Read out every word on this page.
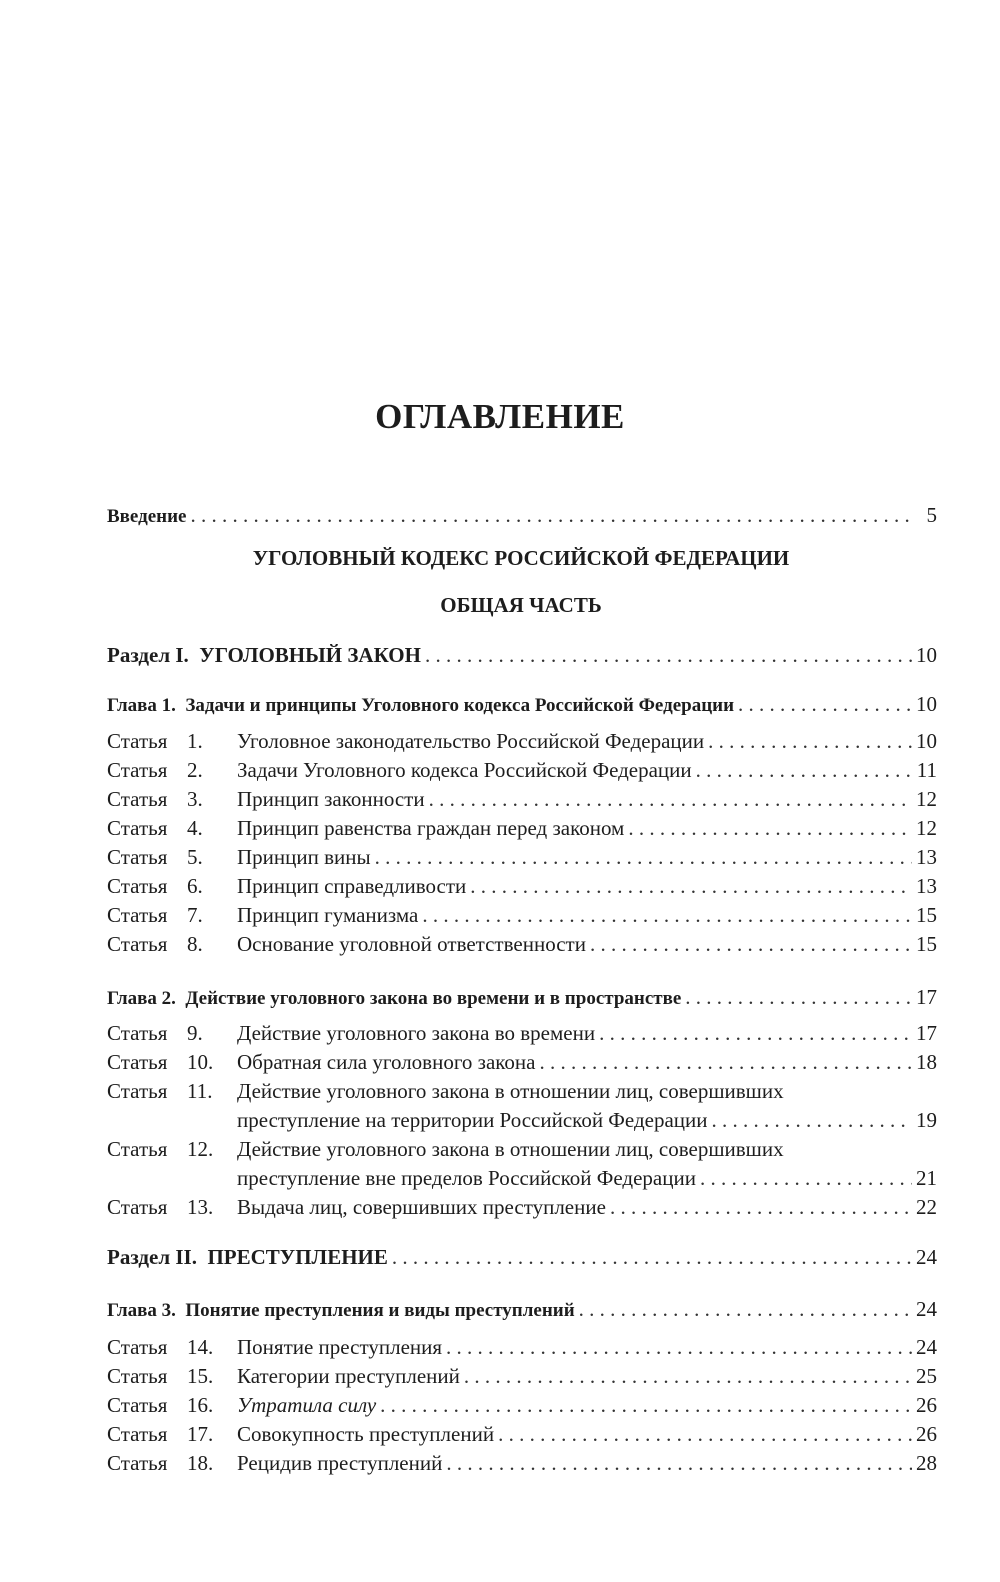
ОГЛАВЛЕНИЕ
Введение . . .	5
УГОЛОВНЫЙ КОДЕКС РОССИЙСКОЙ ФЕДЕРАЦИИ
ОБЩАЯ ЧАСТЬ
Раздел I.  УГОЛОВНЫЙ ЗАКОН . . .	10
Глава 1.  Задачи и принципы Уголовного кодекса Российской Федерации . . .	10
Статья 1.	Уголовное законодательство Российской Федерации . . .	10
Статья 2.	Задачи Уголовного кодекса Российской Федерации . . .	11
Статья 3.	Принцип законности . . .	12
Статья 4.	Принцип равенства граждан перед законом . . .	12
Статья 5.	Принцип вины . . .	13
Статья 6.	Принцип справедливости . . .	13
Статья 7.	Принцип гуманизма . . .	15
Статья 8.	Основание уголовной ответственности . . .	15
Глава 2.  Действие уголовного закона во времени и в пространстве . . .	17
Статья 9.	Действие уголовного закона во времени . . .	17
Статья 10.	Обратная сила уголовного закона . . .	18
Статья 11.	Действие уголовного закона в отношении лиц, совершивших
преступление на территории Российской Федерации . . .	19
Статья 12.	Действие уголовного закона в отношении лиц, совершивших
преступление вне пределов Российской Федерации . . .	21
Статья 13.	Выдача лиц, совершивших преступление . . .	22
Раздел II.  ПРЕСТУПЛЕНИЕ . . .	24
Глава 3.  Понятие преступления и виды преступлений . . .	24
Статья 14.	Понятие преступления . . .	24
Статья 15.	Категории преступлений . . .	25
Статья 16.	Утратила силу . . .	26
Статья 17.	Совокупность преступлений . . .	26
Статья 18.	Рецидив преступлений . . .	28
